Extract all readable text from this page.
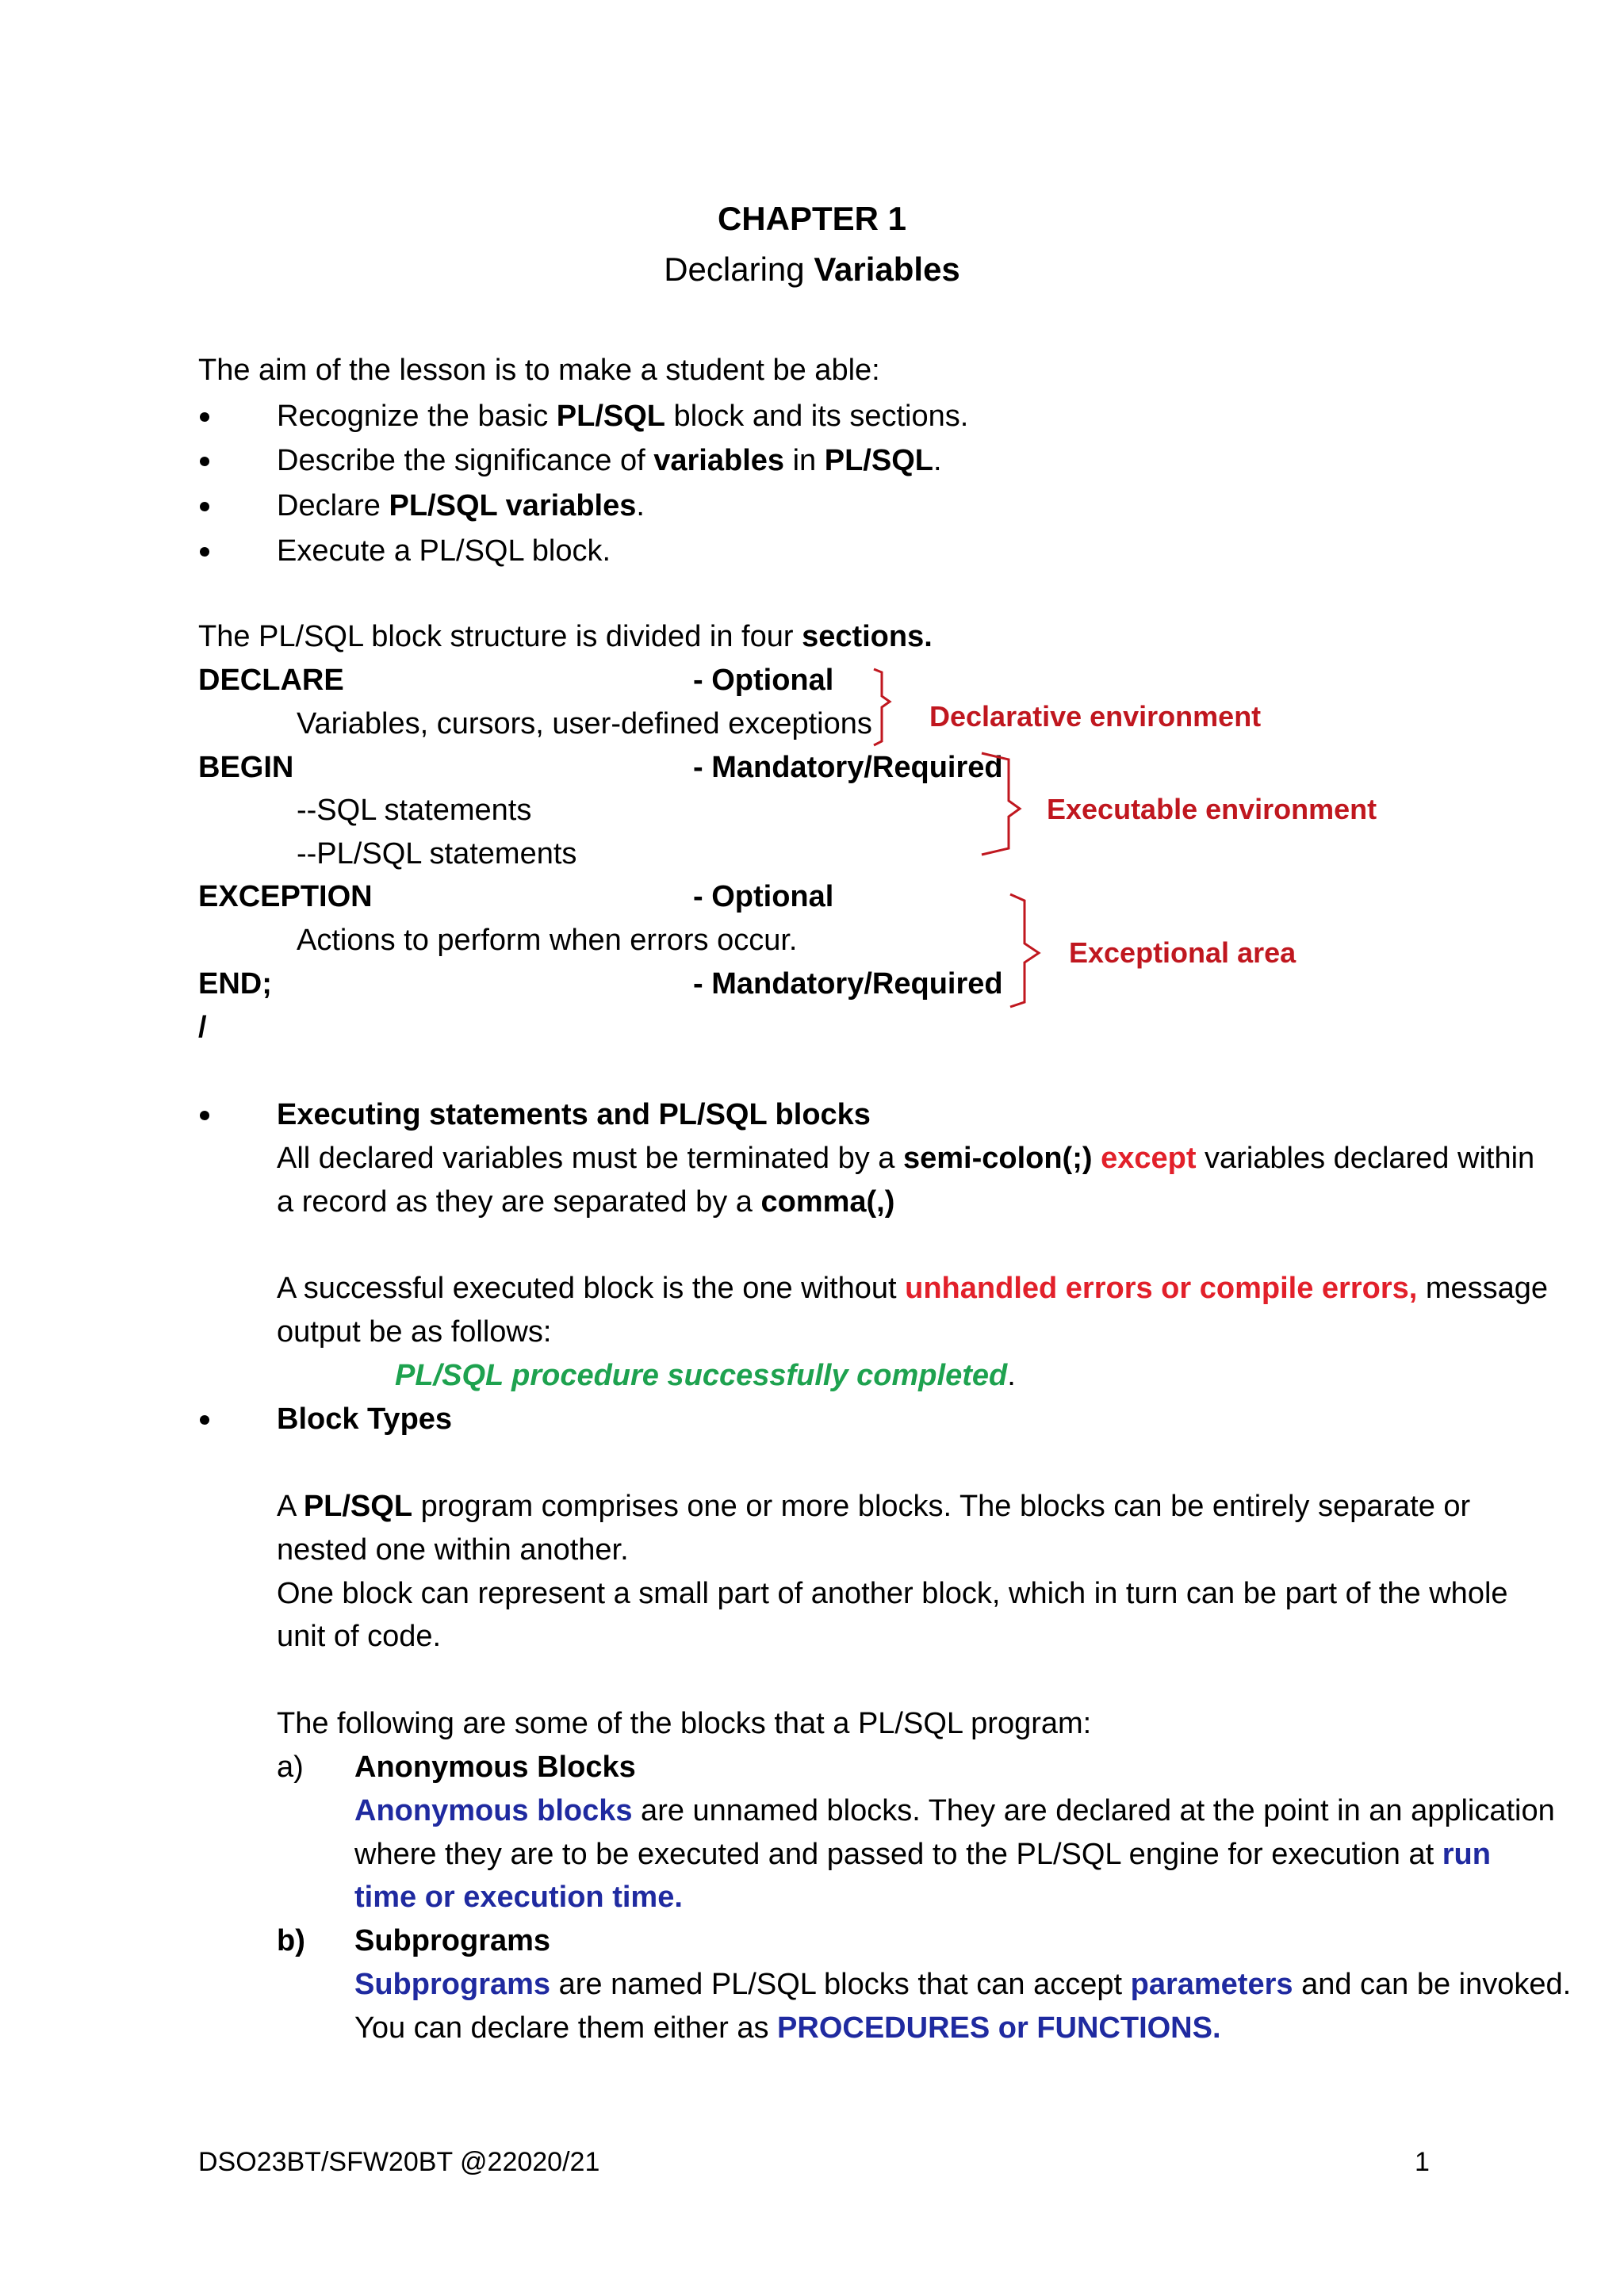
CHAPTER 1
Declaring Variables
The aim of the lesson is to make a student be able:
Recognize the basic PL/SQL block and its sections.
Describe the significance of variables in PL/SQL.
Declare PL/SQL variables.
Execute a PL/SQL block.
The PL/SQL block structure is divided in four sections.
DECLARE	- Optional
Variables, cursors, user-defined exceptions
BEGIN	- Mandatory/Required
--SQL statements
--PL/SQL statements
EXCEPTION	- Optional
Actions to perform when errors occur.
END;	- Mandatory/Required
/
Declarative environment
Executable environment
Exceptional area
Executing statements and PL/SQL blocks
All declared variables must be terminated by a semi-colon(;) except variables declared within
a record as they are separated by a comma(,)
A successful executed block is the one without unhandled errors or compile errors, message
output be as follows:
PL/SQL procedure successfully completed.
Block Types
A PL/SQL program comprises one or more blocks. The blocks can be entirely separate or
nested one within another.
One block can represent a small part of another block, which in turn can be part of the whole
unit of code.
The following are some of the blocks that a PL/SQL program:
a) Anonymous Blocks
Anonymous blocks are unnamed blocks. They are declared at the point in an application
where they are to be executed and passed to the PL/SQL engine for execution at run
time or execution time.
b) Subprograms
Subprograms are named PL/SQL blocks that can accept parameters and can be invoked.
You can declare them either as PROCEDURES or FUNCTIONS.
DSO23BT/SFW20BT @22020/21	1
